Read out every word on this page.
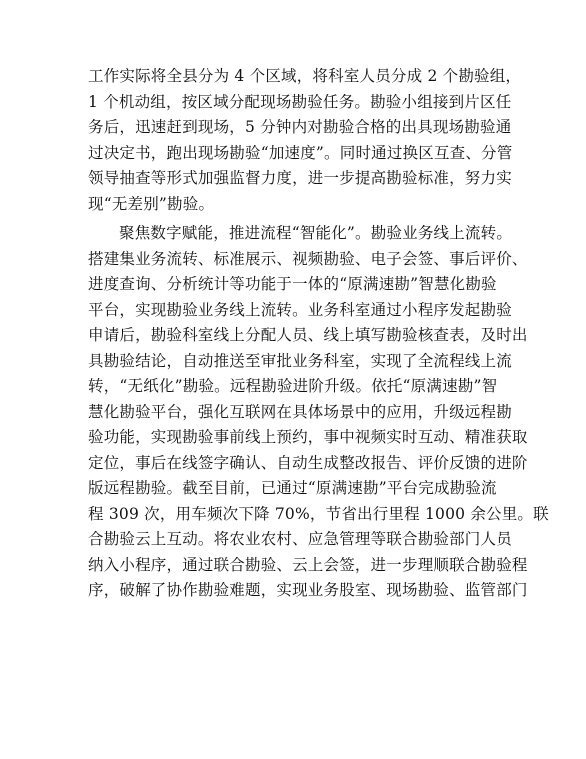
工作实际将全县分为 4 个区域，将科室人员分成 2 个勘验组，
1 个机动组，按区域分配现场勘验任务。勘验小组接到片区任
务后，迅速赶到现场，5 分钟内对勘验合格的出具现场勘验通
过决定书，跑出现场勘验“加速度”。同时通过换区互查、分管
领导抽查等形式加强监督力度，进一步提高勘验标准，努力实
现“无差别”勘验。

聚焦数字赋能，推进流程“智能化”。勘验业务线上流转。
搭建集业务流转、标准展示、视频勘验、电子会签、事后评价、
进度查询、分析统计等功能于一体的“原满速勘”智慧化勘验
平台，实现勘验业务线上流转。业务科室通过小程序发起勘验
申请后，勘验科室线上分配人员、线上填写勘验核查表，及时出
具勘验结论，自动推送至审批业务科室，实现了全流程线上流
转，“无纸化”勘验。远程勘验进阶升级。依托“原满速勘”智
慧化勘验平台，强化互联网在具体场景中的应用，升级远程勘
验功能，实现勘验事前线上预约，事中视频实时互动、精准获取
定位，事后在线签字确认、自动生成整改报告、评价反馈的进阶
版远程勘验。截至目前，已通过“原满速勘”平台完成勘验流
程 309 次，用车频次下降 70%，节省出行里程 1000 余公里。联
合勘验云上互动。将农业农村、应急管理等联合勘验部门人员
纳入小程序，通过联合勘验、云上会签，进一步理顺联合勘验程
序，破解了协作勘验难题，实现业务股室、现场勘验、监管部门
